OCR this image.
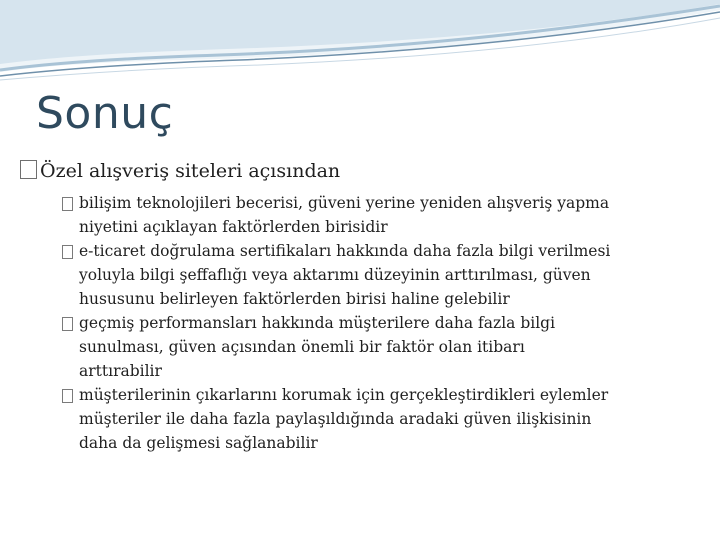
Sonuç
Özel alışveriş siteleri açısından
bilişim teknolojileri becerisi, güveni yerine yeniden alışveriş yapma
niyetini açıklayan faktörlerden birisidir
e-ticaret doğrulama sertifikaları hakkında daha fazla bilgi verilmesi
yoluyla bilgi şeffaflığı veya aktarımı düzeyinin arttırılması, güven
hususunu belirleyen faktörlerden birisi haline gelebilir
geçmiş performansları hakkında müşterilere daha fazla bilgi
sunulması, güven açısından önemli bir faktör olan itibarı
arttırabilir
müşterilerinin çıkarlarını korumak için gerçekleştirdikleri eylemler
müşteriler ile daha fazla paylaşıldığında aradaki güven ilişkisinin
daha da gelişmesi sağlanabilir
